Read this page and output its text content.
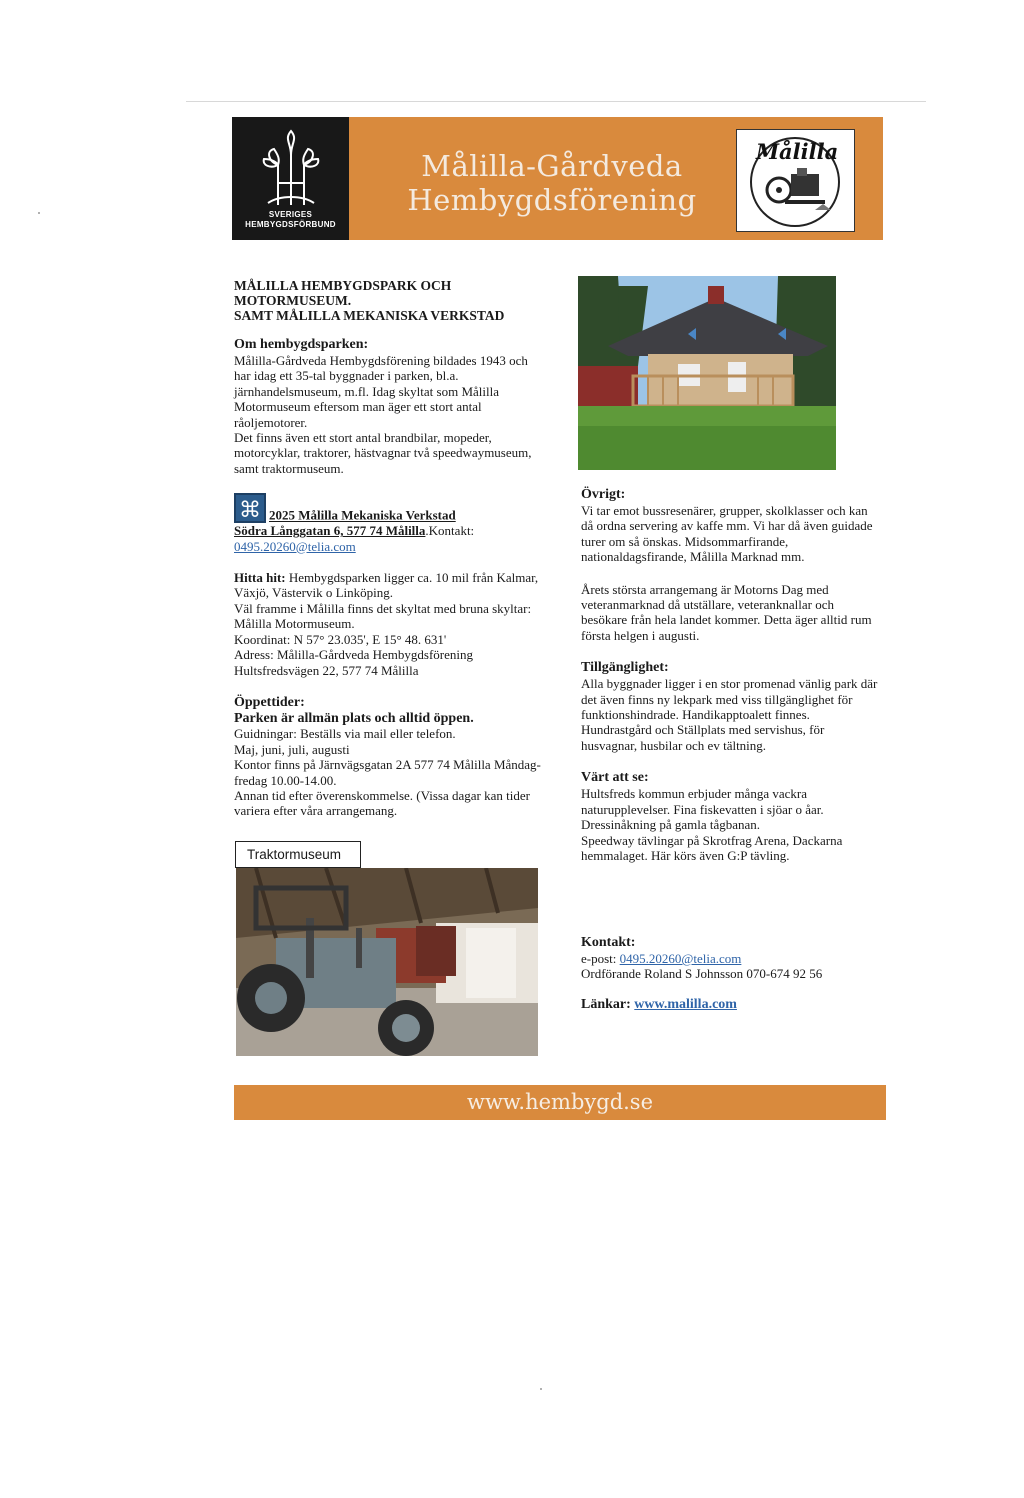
SVERIGES
HEMBYGDSFÖRBUND
Målilla-Gårdveda
Hembygdsförening
Målilla
MÅLILLA HEMBYGDSPARK OCH
MOTORMUSEUM.
SAMT MÅLILLA MEKANISKA VERKSTAD
Om hembygdsparken:

Målilla-Gårdveda Hembygdsförening bildades 1943 och har idag ett 35-tal byggnader i parken, bl.a. järnhandelsmuseum, m.fl. Idag skyltat som Målilla Motormuseum eftersom man äger ett stort antal råoljemotorer.

Det finns även ett stort antal brandbilar, mopeder, motorcyklar, traktorer, hästvagnar två speedwaymuseum, samt traktormuseum.

⌘ 2025 Målilla Mekaniska Verkstad
Södra Långgatan 6, 577 74 Målilla.Kontakt:
0495.20260@telia.com

Hitta hit: Hembygdsparken ligger ca. 10 mil från Kalmar, Växjö, Västervik o Linköping.

Väl framme i Målilla finns det skyltat med bruna skyltar: Målilla Motormuseum.

Koordinat: N 57° 23.035', E 15° 48. 631'

Adress: Målilla-Gårdveda Hembygdsförening Hultsfredsvägen 22, 577 74 Målilla

Öppettider:
Parken är allmän plats och alltid öppen.

Guidningar: Beställs via mail eller telefon.

Maj, juni, juli, augusti

Kontor finns på Järnvägsgatan 2A 577 74 Målilla Måndag-fredag 10.00-14.00.

Annan tid efter överenskommelse. (Vissa dagar kan tider variera efter våra arrangemang.

Traktormuseum
Övrigt:

Vi tar emot bussresenärer, grupper, skolklasser och kan då ordna servering av kaffe mm. Vi har då även guidade turer om så önskas. Midsommarfirande, nationaldagsfirande, Målilla Marknad mm.

Årets största arrangemang är Motorns Dag med veteranmarknad då utställare, veteranknallar och besökare från hela landet kommer. Detta äger alltid rum första helgen i augusti.

Tillgänglighet:

Alla byggnader ligger i en stor promenad vänlig park där det även finns ny lekpark med viss tillgänglighet för funktionshindrade. Handikapptoalett finnes. Hundrastgård och Ställplats med servishus, för husvagnar, husbilar och ev tältning.

Värt att se:

Hultsfreds kommun erbjuder många vackra naturupplevelser. Fina fiskevatten i sjöar o åar. Dressinåkning på gamla tågbanan.

Speedway tävlingar på Skrotfrag Arena, Dackarna hemmalaget. Här körs även G:P tävling.

Kontakt:

e-post: 0495.20260@telia.com

Ordförande Roland S Johnsson 070-674 92 56

Länkar: www.malilla.com
www.hembygd.se
